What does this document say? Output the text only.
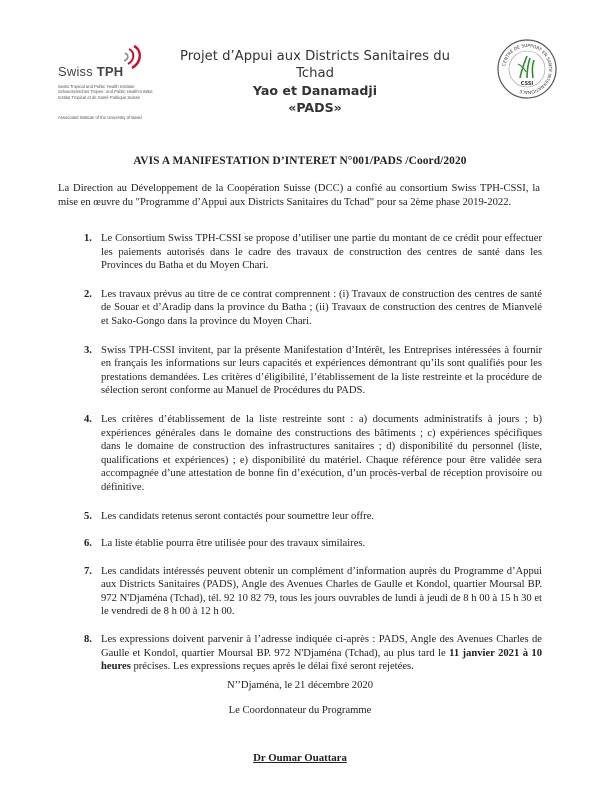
Swiss TPH
Swiss Tropical and Public Health Institute
Schweizerisches Tropen- und Public Health-Institut
Institut Tropical et de Santé Publique Suisse
Associated Institute of the University of Basel
Projet d’Appui aux Districts Sanitaires du Tchad
Yao et Danamadji
«PADS»
CENTRE DE SUPPORT EN SANTÉ INTERNATIONALE
CSSI
AVIS A MANIFESTATION D’INTERET N°001/PADS /Coord/2020
La Direction au Développement de la Coopération Suisse (DCC) a confié au consortium Swiss TPH-CSSI, la mise en œuvre du "Programme d’Appui aux Districts Sanitaires du Tchad" pour sa 2ème phase 2019-2022.
1. Le Consortium Swiss TPH-CSSI se propose d’utiliser une partie du montant de ce crédit pour effectuer les paiements autorisés dans le cadre des travaux de construction des centres de santé dans les Provinces du Batha et du Moyen Chari.
2. Les travaux prévus au titre de ce contrat comprennent : (i) Travaux de construction des centres de santé de Souar et d’Aradip dans la province du Batha ; (ii) Travaux de construction des centres de Mianvelé et Sako-Gongo dans la province du Moyen Chari.
3. Swiss TPH-CSSI invitent, par la présente Manifestation d’Intérêt, les Entreprises intéressées à fournir en français les informations sur leurs capacités et expériences démontrant qu’ils sont qualifiés pour les prestations demandées. Les critères d’éligibilité, l’établissement de la liste restreinte et la procédure de sélection seront conforme au Manuel de Procédures du PADS.
4. Les critères d’établissement de la liste restreinte sont : a) documents administratifs à jours ; b) expériences générales dans le domaine des constructions des bâtiments ; c) expériences spécifiques dans le domaine de construction des infrastructures sanitaires ; d) disponibilité du personnel (liste, qualifications et expériences) ; e) disponibilité du matériel. Chaque référence pour être validée sera accompagnée d’une attestation de bonne fin d’exécution, d’un procès-verbal de réception provisoire ou définitive.
5. Les candidats retenus seront contactés pour soumettre leur offre.
6. La liste établie pourra être utilisée pour des travaux similaires.
7. Les candidats intéressés peuvent obtenir un complément d’information auprès du Programme d’Appui aux Districts Sanitaires (PADS), Angle des Avenues Charles de Gaulle et Kondol, quartier Moursal BP. 972 N'Djaména (Tchad), tél. 92 10 82 79, tous les jours ouvrables de lundi à jeudi de 8 h 00 à 15 h 30 et le vendredi de 8 h 00 à 12 h 00.
8. Les expressions doivent parvenir à l’adresse indiquée ci-après : PADS, Angle des Avenues Charles de Gaulle et Kondol, quartier Moursal BP. 972 N'Djaména (Tchad), au plus tard le 11 janvier 2021 à 10 heures précises. Les expressions reçues après le délai fixé seront rejetées.
N’’Djaména, le 21 décembre 2020
Le Coordonnateur du Programme
Dr Oumar Ouattara
